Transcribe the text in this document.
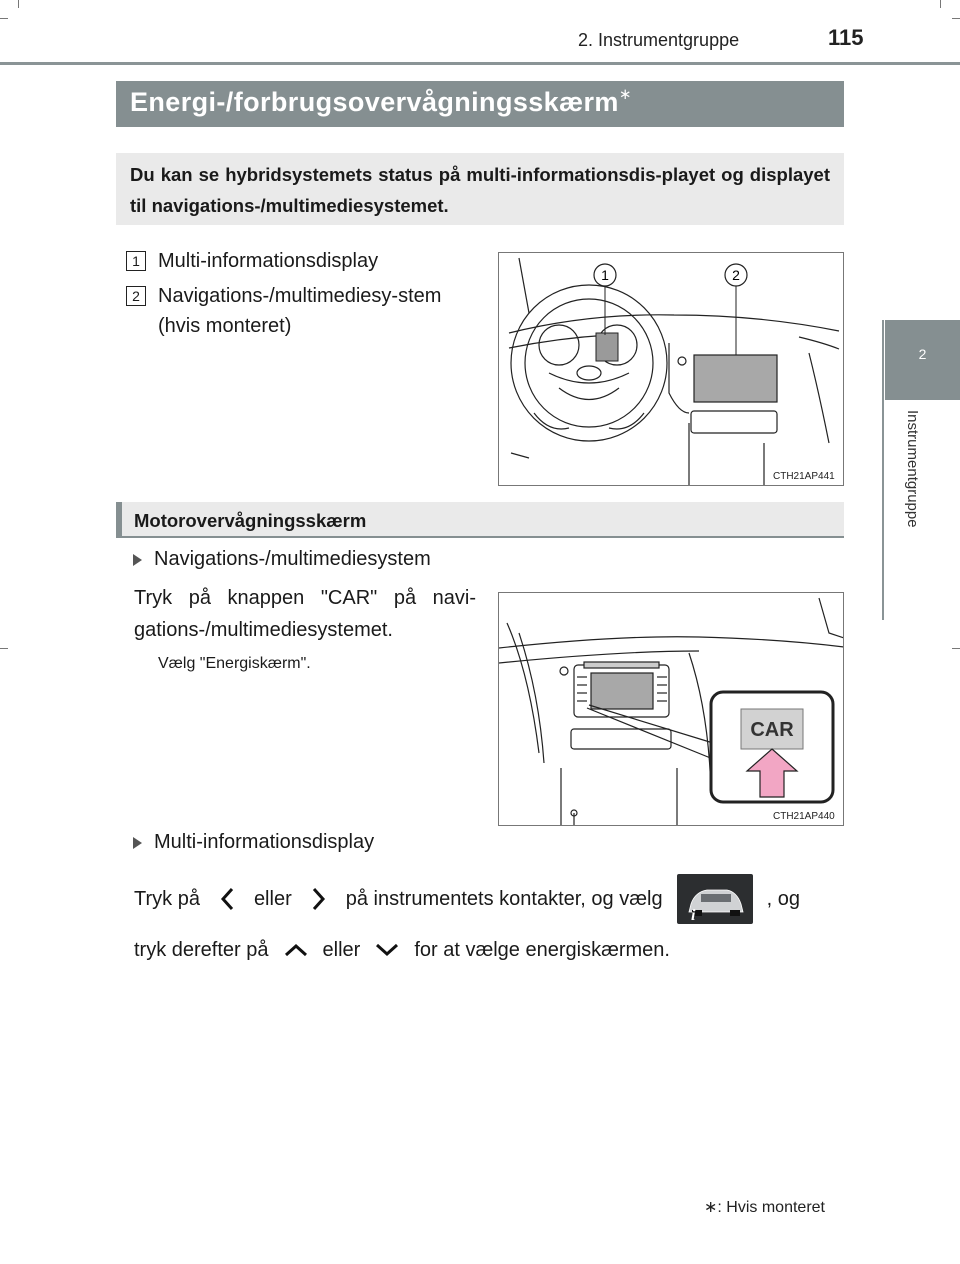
2. Instrumentgruppe	115
2
Instrumentgruppe
Energi-/forbrugsovervågningsskærm∗
Du kan se hybridsystemets status på multi-informationsdis-playet og displayet til navigations-/multimediesystemet.
1 Multi-informationsdisplay
2 Navigations-/multimediesy-stem (hvis monteret)
1	2
CTH21AP441
Motorovervågningsskærm
Navigations-/multimediesystem
Tryk på knappen "CAR" på navi-gations-/multimediesystemet.
Vælg "Energiskærm".
CAR
CTH21AP440
Multi-informationsdisplay
Tryk på	eller	på instrumentets kontakter, og vælg
i
, og
tryk derefter på	eller	for at vælge energiskærmen.
∗: Hvis monteret
